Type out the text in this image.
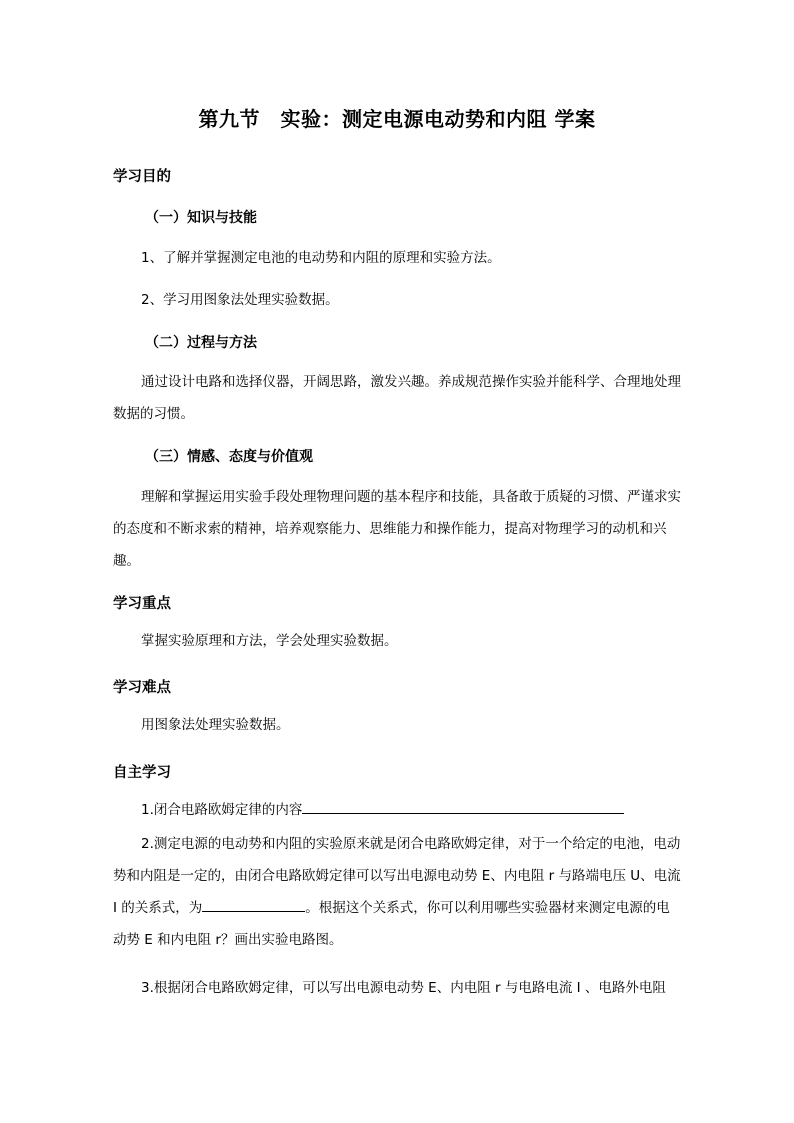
第九节　实验：测定电源电动势和内阻 学案
学习目的
（一）知识与技能
1、了解并掌握测定电池的电动势和内阻的原理和实验方法。
2、学习用图象法处理实验数据。
（二）过程与方法
通过设计电路和选择仪器，开阔思路，激发兴趣。养成规范操作实验并能科学、合理地处理数据的习惯。
（三）情感、态度与价值观
理解和掌握运用实验手段处理物理问题的基本程序和技能，具备敢于质疑的习惯、严谨求实的态度和不断求索的精神，培养观察能力、思维能力和操作能力，提高对物理学习的动机和兴趣。
学习重点
掌握实验原理和方法，学会处理实验数据。
学习难点
用图象法处理实验数据。
自主学习
1.闭合电路欧姆定律的内容
2.测定电源的电动势和内阻的实验原来就是闭合电路欧姆定律，对于一个给定的电池，电动势和内阻是一定的，由闭合电路欧姆定律可以写出电源电动势 E、内电阻 r 与路端电压 U、电流 I 的关系式，为	。根据这个关系式，你可以利用哪些实验器材来测定电源的电动势 E 和内电阻 r？画出实验电路图。
3.根据闭合电路欧姆定律，可以写出电源电动势 E、内电阻 r 与电路电流 I 、电路外电阻
